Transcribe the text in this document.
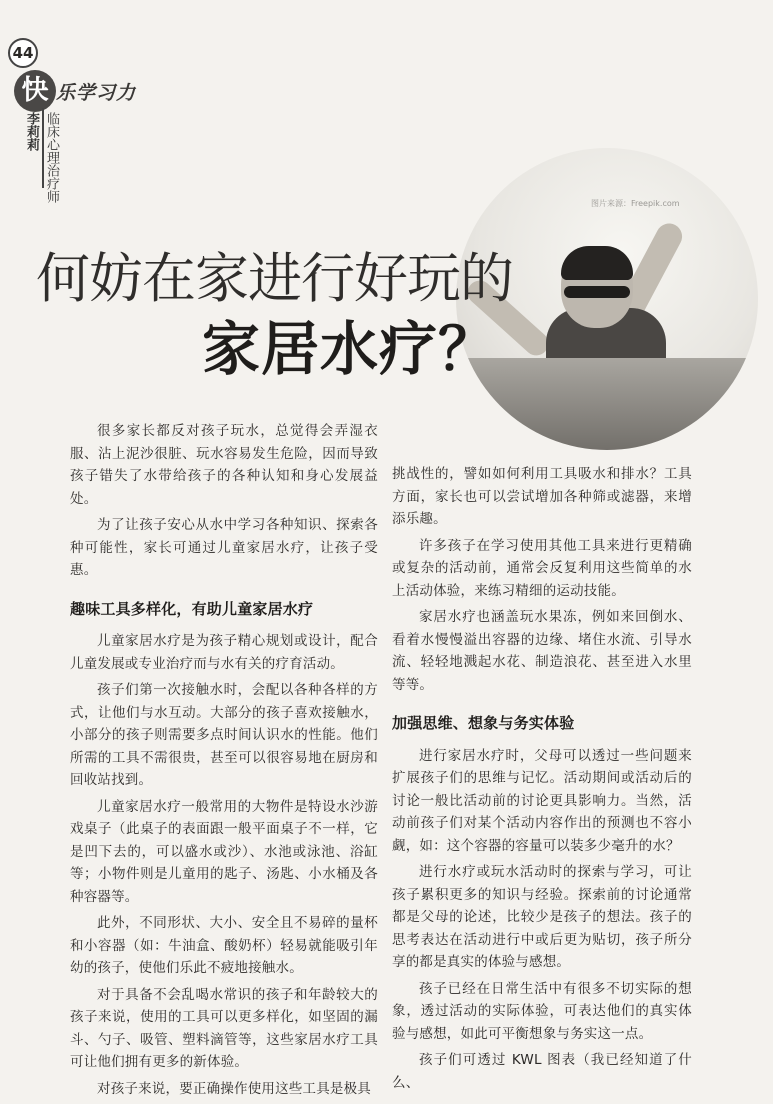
44
快 乐学习力
李莉莉 临床心理治疗师
图片来源：Freepik.com
何妨在家进行好玩的
家居水疗？

很多家长都反对孩子玩水，总觉得会弄湿衣服、沾上泥沙很脏、玩水容易发生危险，因而导致孩子错失了水带给孩子的各种认知和身心发展益处。

为了让孩子安心从水中学习各种知识、探索各种可能性，家长可通过儿童家居水疗，让孩子受惠。

趣味工具多样化，有助儿童家居水疗

儿童家居水疗是为孩子精心规划或设计，配合儿童发展或专业治疗而与水有关的疗育活动。

孩子们第一次接触水时，会配以各种各样的方式，让他们与水互动。大部分的孩子喜欢接触水，小部分的孩子则需要多点时间认识水的性能。他们所需的工具不需很贵，甚至可以很容易地在厨房和回收站找到。

儿童家居水疗一般常用的大物件是特设水沙游戏桌子（此桌子的表面跟一般平面桌子不一样，它是凹下去的，可以盛水或沙）、水池或泳池、浴缸等；小物件则是儿童用的匙子、汤匙、小水桶及各种容器等。

此外，不同形状、大小、安全且不易碎的量杯和小容器（如：牛油盒、酸奶杯）轻易就能吸引年幼的孩子，使他们乐此不疲地接触水。

对于具备不会乱喝水常识的孩子和年龄较大的孩子来说，使用的工具可以更多样化，如坚固的漏斗、勺子、吸管、塑料滴管等，这些家居水疗工具可让他们拥有更多的新体验。

对孩子来说，要正确操作使用这些工具是极具

挑战性的，譬如如何利用工具吸水和排水？工具方面，家长也可以尝试增加各种筛或滤器，来增添乐趣。

许多孩子在学习使用其他工具来进行更精确或复杂的活动前，通常会反复利用这些简单的水上活动体验，来练习精细的运动技能。

家居水疗也涵盖玩水果冻，例如来回倒水、看着水慢慢溢出容器的边缘、堵住水流、引导水流、轻轻地溅起水花、制造浪花、甚至进入水里等等。

加强思维、想象与务实体验

进行家居水疗时，父母可以透过一些问题来扩展孩子们的思维与记忆。活动期间或活动后的讨论一般比活动前的讨论更具影响力。当然，活动前孩子们对某个活动内容作出的预测也不容小觑，如：这个容器的容量可以装多少毫升的水？

进行水疗或玩水活动时的探索与学习，可让孩子累积更多的知识与经验。探索前的讨论通常都是父母的论述，比较少是孩子的想法。孩子的思考表达在活动进行中或后更为贴切，孩子所分享的都是真实的体验与感想。

孩子已经在日常生活中有很多不切实际的想象，透过活动的实际体验，可表达他们的真实体验与感想，如此可平衡想象与务实这一点。

孩子们可透过 KWL 图表（我已经知道了什么、
